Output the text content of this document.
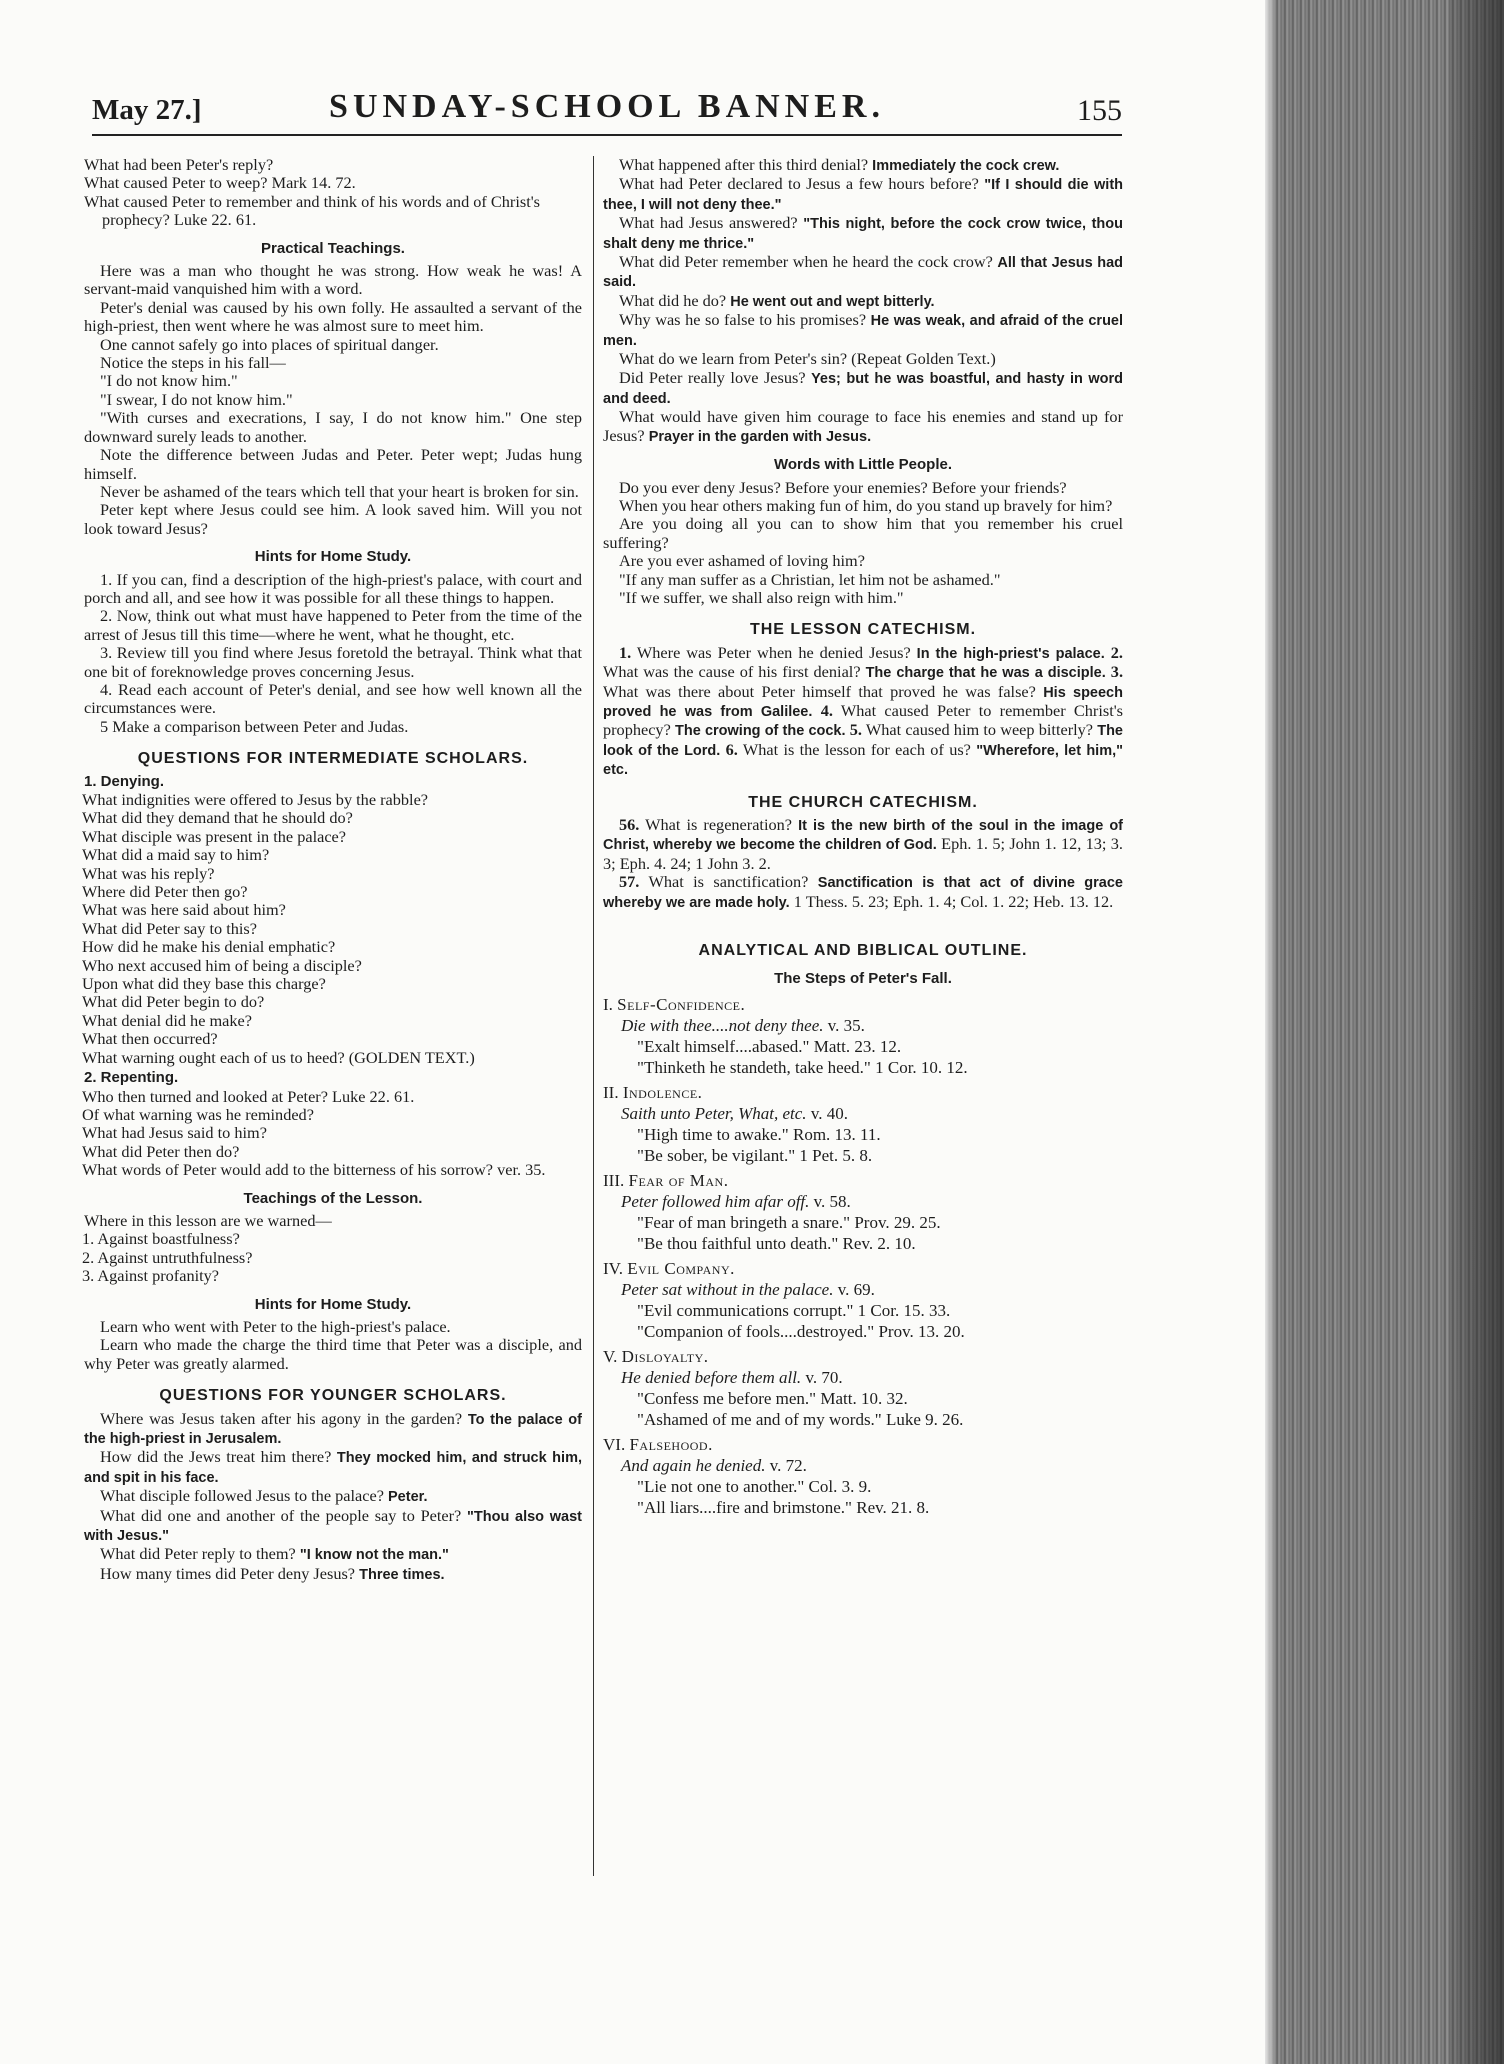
May 27.]	SUNDAY-SCHOOL BANNER.	155

What had been Peter's reply?

What caused Peter to weep? Mark 14. 72.

What caused Peter to remember and think of his words and of Christ's prophecy? Luke 22. 61.

Practical Teachings.

Here was a man who thought he was strong. How weak he was! A servant-maid vanquished him with a word.

Peter's denial was caused by his own folly. He assaulted a servant of the high-priest, then went where he was almost sure to meet him.

One cannot safely go into places of spiritual danger.

Notice the steps in his fall—

"I do not know him."

"I swear, I do not know him."

"With curses and execrations, I say, I do not know him." One step downward surely leads to another.

Note the difference between Judas and Peter. Peter wept; Judas hung himself.

Never be ashamed of the tears which tell that your heart is broken for sin.

Peter kept where Jesus could see him. A look saved him. Will you not look toward Jesus?

Hints for Home Study.

1. If you can, find a description of the high-priest's palace, with court and porch and all, and see how it was possible for all these things to happen.

2. Now, think out what must have happened to Peter from the time of the arrest of Jesus till this time—where he went, what he thought, etc.

3. Review till you find where Jesus foretold the betrayal. Think what that one bit of foreknowledge proves concerning Jesus.

4. Read each account of Peter's denial, and see how well known all the circumstances were.

5 Make a comparison between Peter and Judas.

QUESTIONS FOR INTERMEDIATE SCHOLARS.

1. Denying.

What indignities were offered to Jesus by the rabble?

What did they demand that he should do?

What disciple was present in the palace?

What did a maid say to him?

What was his reply?

Where did Peter then go?

What was here said about him?

What did Peter say to this?

How did he make his denial emphatic?

Who next accused him of being a disciple?

Upon what did they base this charge?

What did Peter begin to do?

What denial did he make?

What then occurred?

What warning ought each of us to heed? (GOLDEN TEXT.)

2. Repenting.

Who then turned and looked at Peter? Luke 22. 61.

Of what warning was he reminded?

What had Jesus said to him?

What did Peter then do?

What words of Peter would add to the bitterness of his sorrow? ver. 35.

Teachings of the Lesson.

Where in this lesson are we warned—

1. Against boastfulness?

2. Against untruthfulness?

3. Against profanity?

Hints for Home Study.

Learn who went with Peter to the high-priest's palace.

Learn who made the charge the third time that Peter was a disciple, and why Peter was greatly alarmed.

QUESTIONS FOR YOUNGER SCHOLARS.

Where was Jesus taken after his agony in the garden? To the palace of the high-priest in Jerusalem.

How did the Jews treat him there? They mocked him, and struck him, and spit in his face.

What disciple followed Jesus to the palace? Peter.

What did one and another of the people say to Peter? "Thou also wast with Jesus."

What did Peter reply to them? "I know not the man."

How many times did Peter deny Jesus? Three times.

What happened after this third denial? Immediately the cock crew.

What had Peter declared to Jesus a few hours before? "If I should die with thee, I will not deny thee."

What had Jesus answered? "This night, before the cock crow twice, thou shalt deny me thrice."

What did Peter remember when he heard the cock crow? All that Jesus had said.

What did he do? He went out and wept bitterly.

Why was he so false to his promises? He was weak, and afraid of the cruel men.

What do we learn from Peter's sin? (Repeat Golden Text.)

Did Peter really love Jesus? Yes; but he was boastful, and hasty in word and deed.

What would have given him courage to face his enemies and stand up for Jesus? Prayer in the garden with Jesus.

Words with Little People.

Do you ever deny Jesus? Before your enemies? Before your friends?

When you hear others making fun of him, do you stand up bravely for him?

Are you doing all you can to show him that you remember his cruel suffering?

Are you ever ashamed of loving him?

"If any man suffer as a Christian, let him not be ashamed."

"If we suffer, we shall also reign with him."

THE LESSON CATECHISM.

1. Where was Peter when he denied Jesus? In the high-priest's palace. 2. What was the cause of his first denial? The charge that he was a disciple. 3. What was there about Peter himself that proved he was false? His speech proved he was from Galilee. 4. What caused Peter to remember Christ's prophecy? The crowing of the cock. 5. What caused him to weep bitterly? The look of the Lord. 6. What is the lesson for each of us? "Wherefore, let him," etc.

THE CHURCH CATECHISM.

56. What is regeneration? It is the new birth of the soul in the image of Christ, whereby we become the children of God. Eph. 1. 5; John 1. 12, 13; 3. 3; Eph. 4. 24; 1 John 3. 2.

57. What is sanctification? Sanctification is that act of divine grace whereby we are made holy. 1 Thess. 5. 23; Eph. 1. 4; Col. 1. 22; Heb. 13. 12.

ANALYTICAL AND BIBLICAL OUTLINE.
The Steps of Peter's Fall.

I. Self-Confidence.

Die with thee....not deny thee. v. 35.

"Exalt himself....abased." Matt. 23. 12.

"Thinketh he standeth, take heed." 1 Cor. 10. 12.

II. Indolence.

Saith unto Peter, What, etc. v. 40.

"High time to awake." Rom. 13. 11.

"Be sober, be vigilant." 1 Pet. 5. 8.

III. Fear of Man.

Peter followed him afar off. v. 58.

"Fear of man bringeth a snare." Prov. 29. 25.

"Be thou faithful unto death." Rev. 2. 10.

IV. Evil Company.

Peter sat without in the palace. v. 69.

"Evil communications corrupt." 1 Cor. 15. 33.

"Companion of fools....destroyed." Prov. 13. 20.

V. Disloyalty.

He denied before them all. v. 70.

"Confess me before men." Matt. 10. 32.

"Ashamed of me and of my words." Luke 9. 26.

VI. Falsehood.

And again he denied. v. 72.

"Lie not one to another." Col. 3. 9.

"All liars....fire and brimstone." Rev. 21. 8.
